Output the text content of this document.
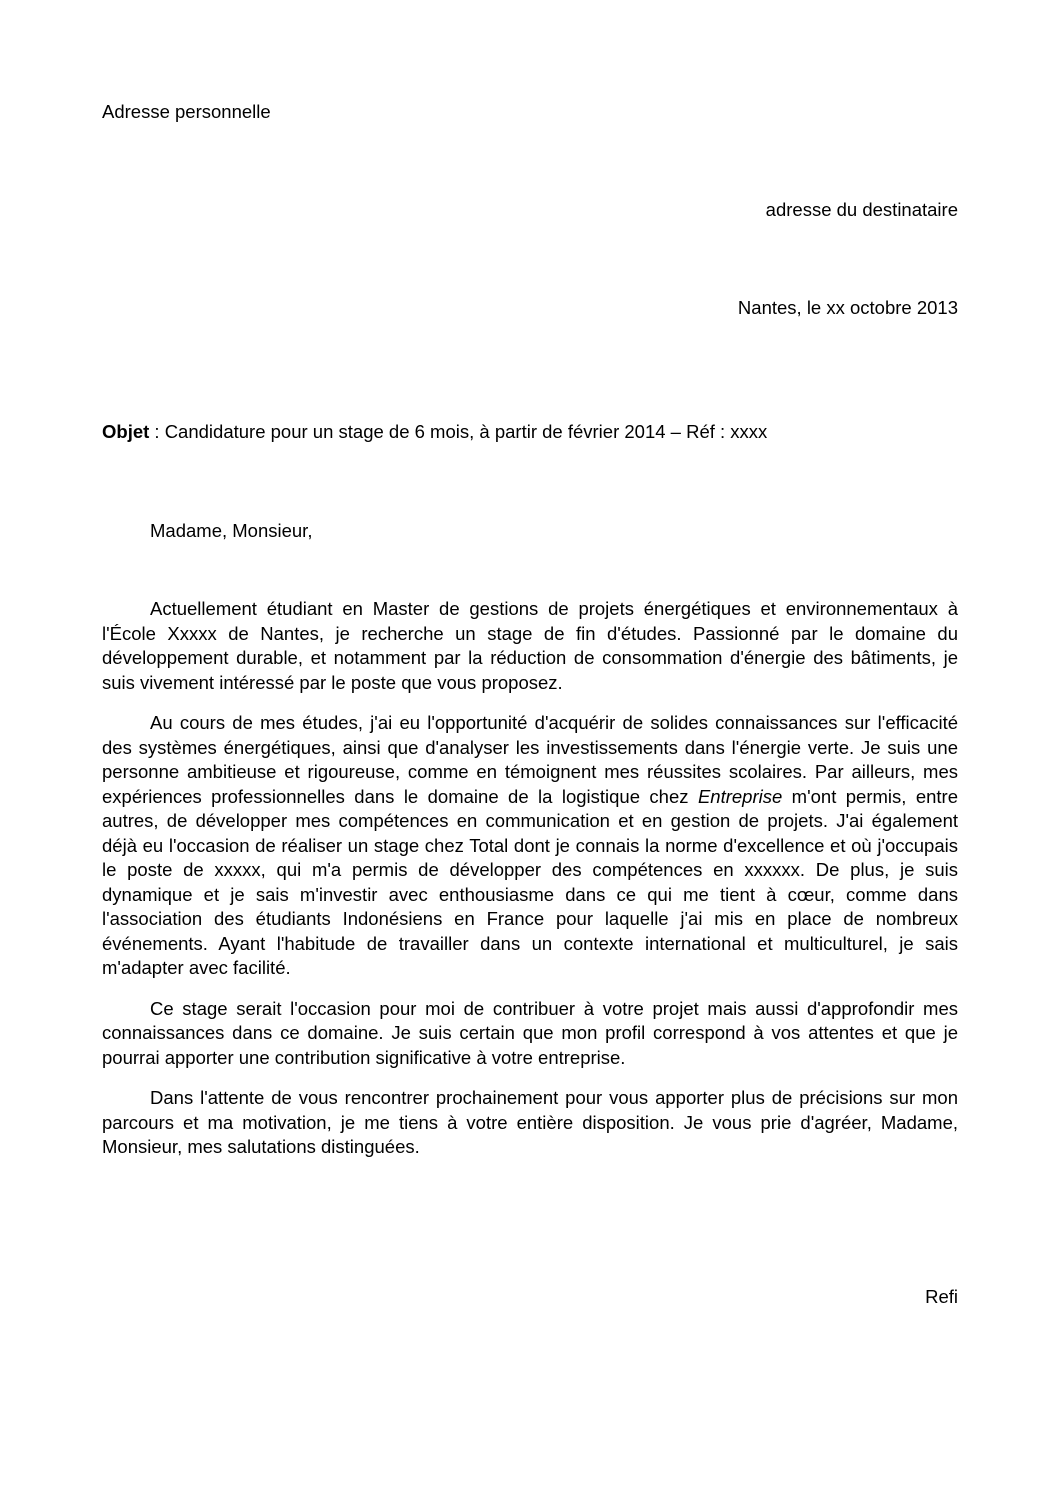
Adresse personnelle

adresse du destinataire

Nantes, le xx octobre 2013

Objet : Candidature pour un stage de 6 mois, à partir de février 2014 – Réf : xxxx

Madame, Monsieur,

Actuellement étudiant en Master de gestions de projets énergétiques et environnementaux à l'École Xxxxx de Nantes, je recherche un stage de fin d'études. Passionné par le domaine du développement durable, et notamment par la réduction de consommation d'énergie des bâtiments, je suis vivement intéressé par le poste que vous proposez.

Au cours de mes études, j'ai eu l'opportunité d'acquérir de solides connaissances sur l'efficacité des systèmes énergétiques, ainsi que d'analyser les investissements dans l'énergie verte. Je suis une personne ambitieuse et rigoureuse, comme en témoignent mes réussites scolaires. Par ailleurs, mes expériences professionnelles dans le domaine de la logistique chez Entreprise m'ont permis, entre autres, de développer mes compétences en communication et en gestion de projets. J'ai également déjà eu l'occasion de réaliser un stage chez Total dont je connais la norme d'excellence et où j'occupais le poste de xxxxx, qui m'a permis de développer des compétences en xxxxxx. De plus, je suis dynamique et je sais m'investir avec enthousiasme dans ce qui me tient à cœur, comme dans l'association des étudiants Indonésiens en France pour laquelle j'ai mis en place de nombreux événements. Ayant l'habitude de travailler dans un contexte international et multiculturel, je sais m'adapter avec facilité.

Ce stage serait l'occasion pour moi de contribuer à votre projet mais aussi d'approfondir mes connaissances dans ce domaine. Je suis certain que mon profil correspond à vos attentes et que je pourrai apporter une contribution significative à votre entreprise.

Dans l'attente de vous rencontrer prochainement pour vous apporter plus de précisions sur mon parcours et ma motivation, je me tiens à votre entière disposition. Je vous prie d'agréer, Madame, Monsieur, mes salutations distinguées.

Refi
